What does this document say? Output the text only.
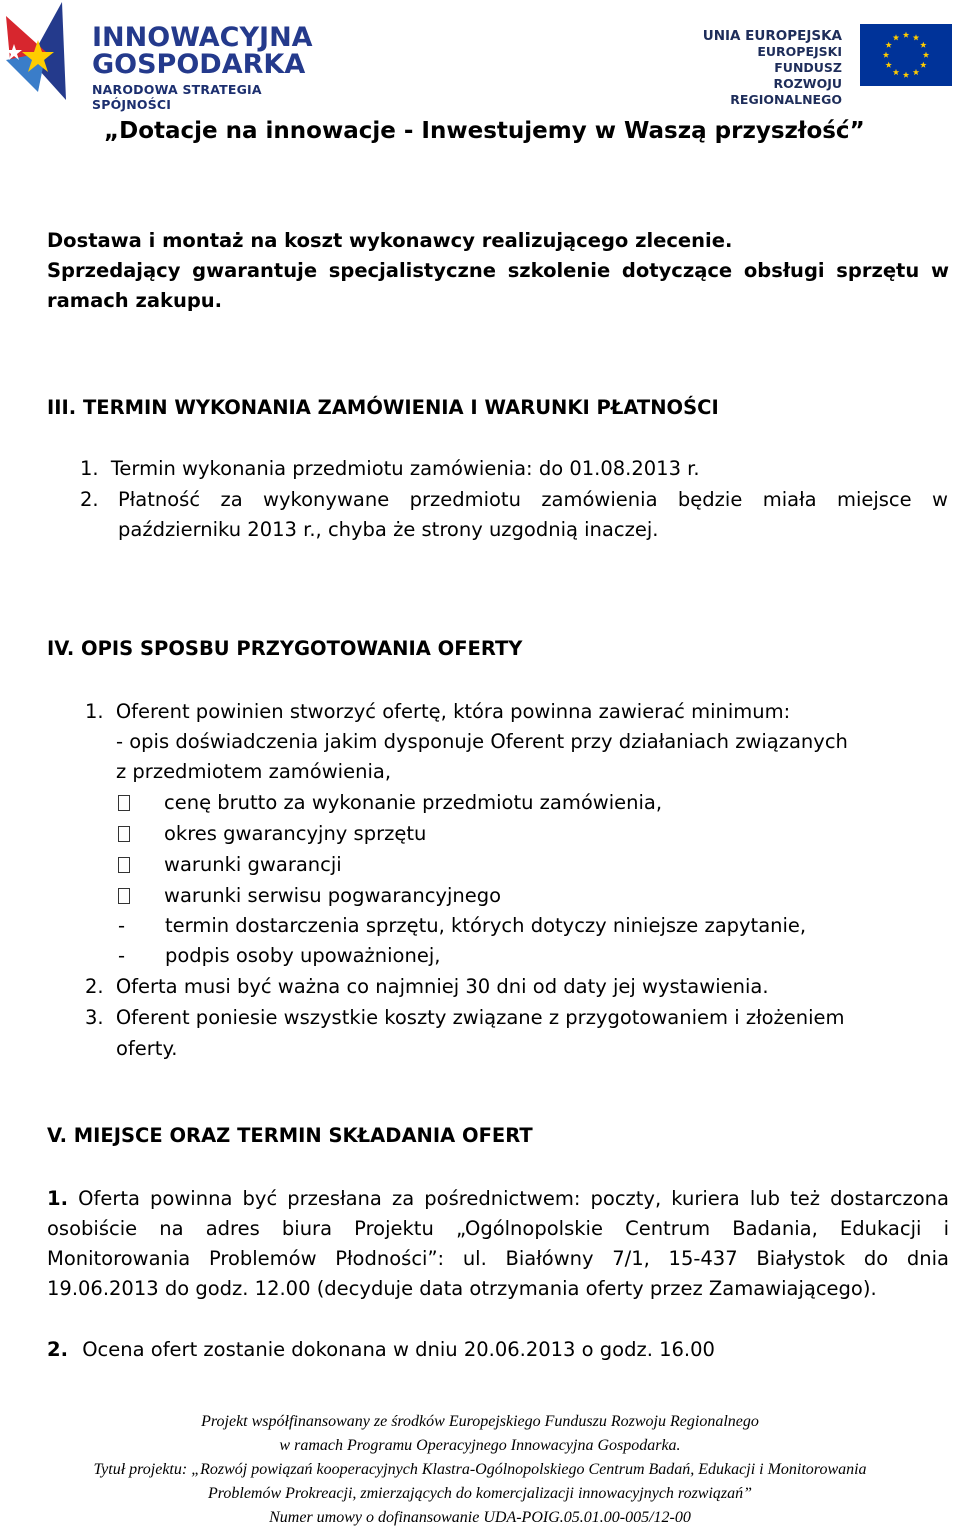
INNOWACYJNA
GOSPODARKA
NARODOWA STRATEGIA SPÓJNOŚCI
UNIA EUROPEJSKA
EUROPEJSKI FUNDUSZ
ROZWOJU REGIONALNEGO
„Dotacje na innowacje - Inwestujemy w Waszą przyszłość”
Dostawa i montaż na koszt wykonawcy realizującego zlecenie.
Sprzedający gwarantuje specjalistyczne szkolenie dotyczące obsługi sprzętu w ramach zakupu.
III. TERMIN WYKONANIA ZAMÓWIENIA I WARUNKI PŁATNOŚCI
1. Termin wykonania przedmiotu zamówienia: do 01.08.2013 r.
2. Płatność za wykonywane przedmiotu zamówienia będzie miała miejsce w październiku 2013 r., chyba że strony uzgodnią inaczej.
IV. OPIS SPOSBU PRZYGOTOWANIA OFERTY
1. Oferent powinien stworzyć ofertę, która powinna zawierać minimum:
- opis doświadczenia jakim dysponuje Oferent przy działaniach związanych
z przedmiotem zamówienia,
cenę brutto za wykonanie przedmiotu zamówienia,
okres gwarancyjny sprzętu
warunki gwarancji
warunki serwisu pogwarancyjnego
- termin dostarczenia sprzętu, których dotyczy niniejsze zapytanie,
- podpis osoby upoważnionej,
2. Oferta musi być ważna co najmniej 30 dni od daty jej wystawienia.
3. Oferent poniesie wszystkie koszty związane z przygotowaniem i złożeniem
oferty.
V. MIEJSCE ORAZ TERMIN SKŁADANIA OFERT
1. Oferta powinna być przesłana za pośrednictwem: poczty, kuriera lub też dostarczona osobiście na adres biura Projektu „Ogólnopolskie Centrum Badania, Edukacji i Monitorowania Problemów Płodności”: ul. Białówny 7/1, 15-437 Białystok do dnia 19.06.2013 do godz. 12.00 (decyduje data otrzymania oferty przez Zamawiającego).
2. Ocena ofert zostanie dokonana w dniu 20.06.2013 o godz. 16.00
Projekt współfinansowany ze środków Europejskiego Funduszu Rozwoju Regionalnego
w ramach Programu Operacyjnego Innowacyjna Gospodarka.
Tytuł projektu: „Rozwój powiązań kooperacyjnych Klastra-Ogólnopolskiego Centrum Badań, Edukacji i Monitorowania
Problemów Prokreacji, zmierzających do komercjalizacji innowacyjnych rozwiązań”
Numer umowy o dofinansowanie UDA-POIG.05.01.00-005/12-00
